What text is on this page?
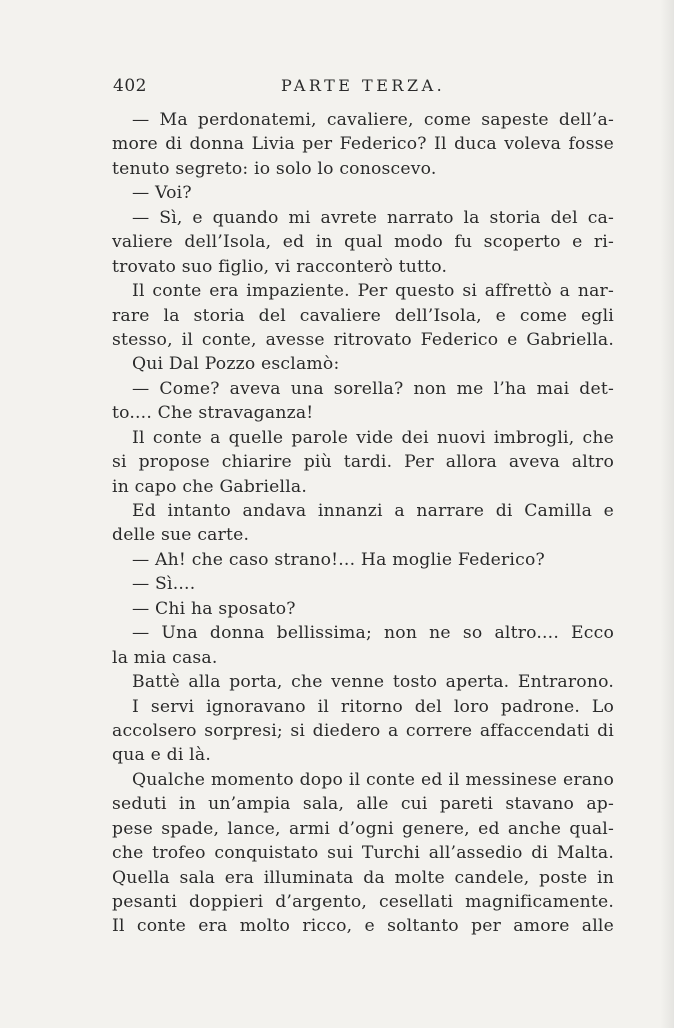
402	PARTE TERZA.
— Ma perdonatemi, cavaliere, come sapeste dell’a-
more di donna Livia per Federico? Il duca voleva fosse
tenuto segreto: io solo lo conoscevo.
— Voi?
— Sì, e quando mi avrete narrato la storia del ca-
valiere dell’Isola, ed in qual modo fu scoperto e ri-
trovato suo figlio, vi racconterò tutto.
Il conte era impaziente. Per questo si affrettò a nar-
rare la storia del cavaliere dell’Isola, e come egli
stesso, il conte, avesse ritrovato Federico e Gabriella.
Qui Dal Pozzo esclamò:
— Come? aveva una sorella? non me l’ha mai det-
to.... Che stravaganza!
Il conte a quelle parole vide dei nuovi imbrogli, che
si propose chiarire più tardi. Per allora aveva altro
in capo che Gabriella.
Ed intanto andava innanzi a narrare di Camilla e
delle sue carte.
— Ah! che caso strano!... Ha moglie Federico?
— Sì....
— Chi ha sposato?
— Una donna bellissima; non ne so altro.... Ecco
la mia casa.
Battè alla porta, che venne tosto aperta. Entrarono.
I servi ignoravano il ritorno del loro padrone. Lo
accolsero sorpresi; si diedero a correre affaccendati di
qua e di là.
Qualche momento dopo il conte ed il messinese erano
seduti in un’ampia sala, alle cui pareti stavano ap-
pese spade, lance, armi d’ogni genere, ed anche qual-
che trofeo conquistato sui Turchi all’assedio di Malta.
Quella sala era illuminata da molte candele, poste in
pesanti doppieri d’argento, cesellati magnificamente.
Il conte era molto ricco, e soltanto per amore alle
